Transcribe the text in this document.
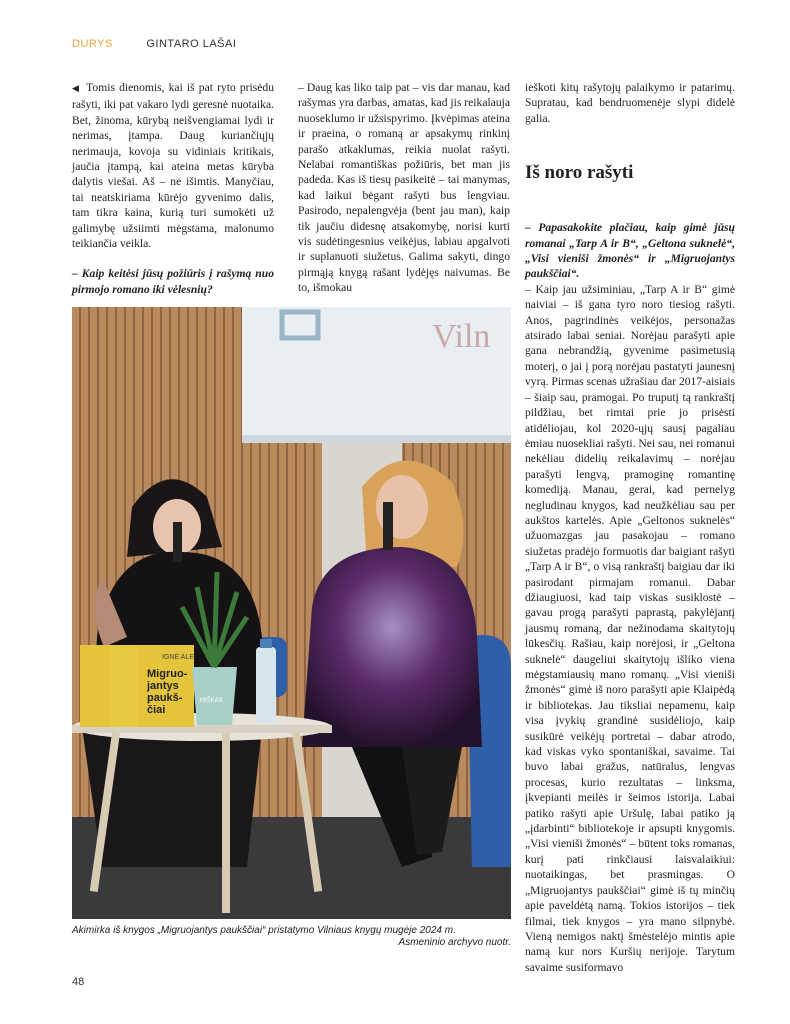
DURYS	GINTARO LAŠAI

◀ Tomis dienomis, kai iš pat ryto prisėdu rašyti, iki pat vakaro lydi geresnė nuotaika. Bet, žinoma, kūrybą neišvengiamai lydi ir nerimas, įtampa. Daug kuriančiųjų nerimauja, kovoja su vidiniais kritikais, jaučia įtampą, kai ateina metas kūryba dalytis viešai. Aš – ne išimtis. Manyčiau, tai neatskiriama kūrėjo gyvenimo dalis, tam tikra kaina, kurią turi sumokėti už galimybę užsiimti mėgstama, malonumo teikiančia veikla.

– Kaip keitėsi jūsų požiūris į rašymą nuo pirmojo romano iki vėlesnių?

– Daug kas liko taip pat – vis dar manau, kad rašymas yra darbas, amatas, kad jis reikalauja nuoseklumo ir užsispyrimo. Įkvėpimas ateina ir praeina, o romaną ar apsakymų rinkinį parašo atkaklumas, reikia nuolat rašyti. Nelabai romantiškas požiūris, bet man jis padeda. Kas iš tiesų pasikeitė – tai manymas, kad laikui bėgant rašyti bus lengviau. Pasirodo, nepalengvėja (bent jau man), kaip tik jaučiu didesnę atsakomybę, norisi kurti vis sudėtingesnius veikėjus, labiau apgalvoti ir suplanuoti siužetus. Galima sakyti, dingo pirmąją knygą rašant lydėjęs naivumas. Be to, išmokau

ieškoti kitų rašytojų palaikymo ir patarimų. Supratau, kad bendruomenėje slypi didelė galia.

Iš noro rašyti

– Papasakokite plačiau, kaip gimė jūsų romanai „Tarp A ir B“, „Geltona suknelė“, „Visi vieniši žmonės“ ir „Migruojantys paukščiai“.

– Kaip jau užsiminiau, „Tarp A ir B“ gimė naiviai – iš gana tyro noro tiesiog rašyti. Anos, pagrindinės veikėjos, personažas atsirado labai seniai. Norėjau parašyti apie gana nebrandžią, gyvenime pasimetusią moterį, o jai į porą norėjau pastatyti jaunesnį vyrą. Pirmas scenas užrašiau dar 2017-aisiais – šiaip sau, pramogai. Po truputį tą rankraštį pildžiau, bet rimtai prie jo prisėsti atidėliojau, kol 2020-ųjų sausį pagaliau ėmiau nuosekliai rašyti. Nei sau, nei romanui nekėliau didelių reikalavimų – norėjau parašyti lengvą, pramoginę romantinę komediją. Manau, gerai, kad pernelyg negludinau knygos, kad neužkėliau sau per aukštos kartelės. Apie „Geltonos suknelės“ užuomazgas jau pasakojau – romano siužetas pradėjo formuotis dar baigiant rašyti „Tarp A ir B“, o visą rankraštį baigiau dar iki pasirodant pirmajam romanui. Dabar džiaugiuosi, kad taip viskas susiklostė – gavau progą parašyti paprastą, pakylėjantį jausmų romaną, dar nežinodama skaitytojų lūkesčių. Rašiau, kaip norėjosi, ir „Geltona suknelė“ daugeliui skaitytojų išliko viena mėgstamiausių mano romanų. „Visi vieniši žmonės“ gimė iš noro parašyti apie Klaipėdą ir bibliotekas. Jau tiksliai nepamenu, kaip visa įvykių grandinė susidėliojo, kaip susikūrė veikėjų portretai – dabar atrodo, kad viskas vyko spontaniškai, savaime. Tai buvo labai gražus, natūralus, lengvas procesas, kurio rezultatas – linksma, įkvepianti meilės ir šeimos istorija. Labai patiko rašyti apie Uršulę, labai patiko ją „įdarbinti“ bibliotekoje ir apsupti knygomis. „Visi vieniši žmonės“ – būtent toks romanas, kurį pati rinkčiausi laisvalaikiui: nuotaikingas, bet prasmingas. O „Migruojantys paukščiai“ gimė iš tų minčių apie paveldėtą namą. Tokios istorijos – tiek filmai, tiek knygos – yra mano silpnybė. Vieną nemigos naktį šmėstelėjo mintis apie namą kur nors Kuršių nerijoje. Tarytum savaime susiformavo

Viln
IGNĖ ALE
Migruo-
jantys
paukš-
čiai
MIŠKAS
Akimirka iš knygos „Migruojantys paukščiai“ pristatymo Vilniaus knygų mugėje 2024 m.
Asmeninio archyvo nuotr.
48
